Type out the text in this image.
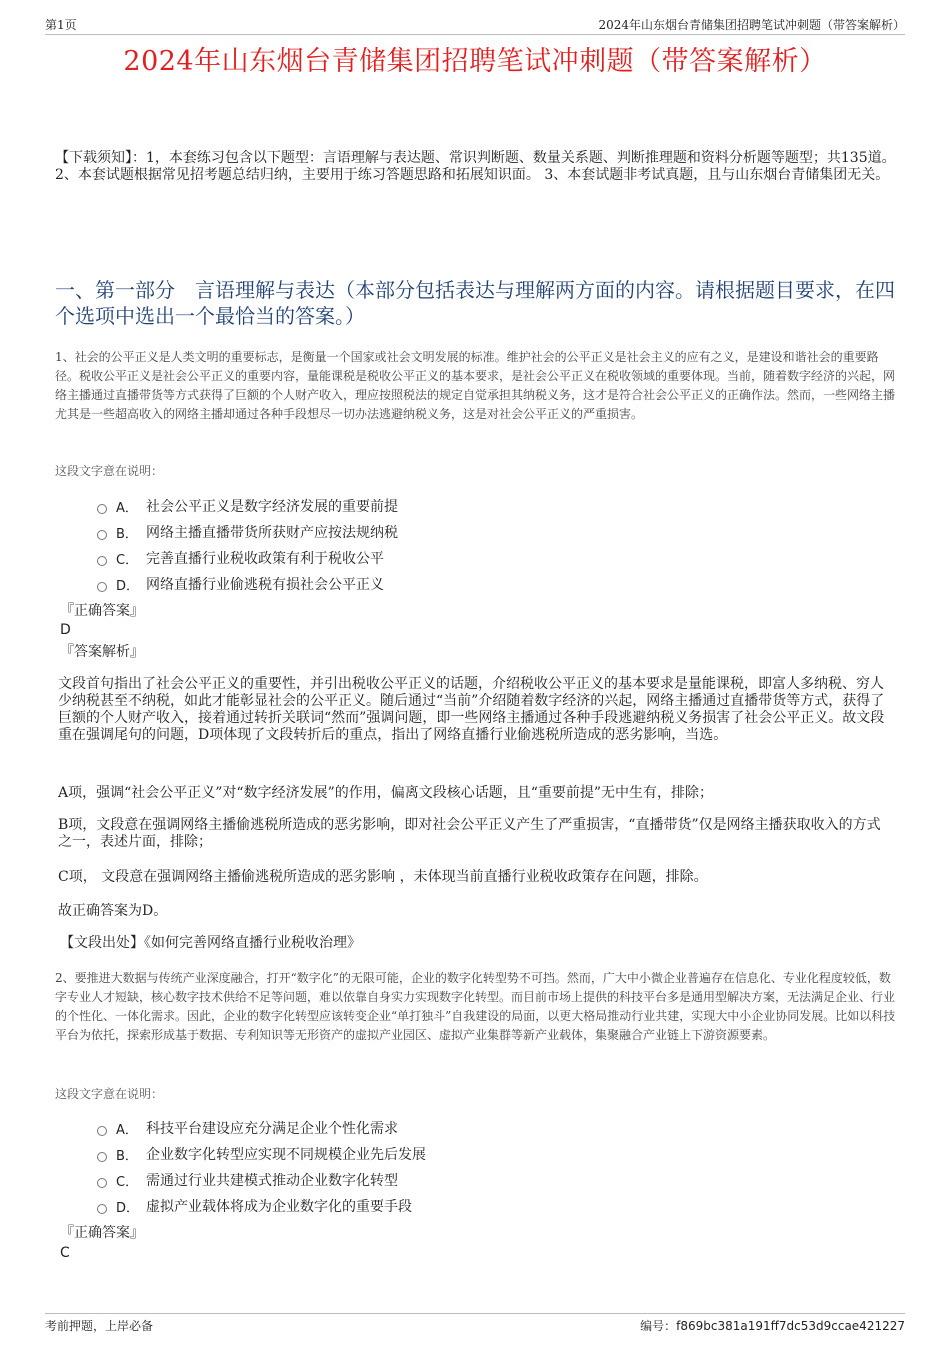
第1页	2024年山东烟台青储集团招聘笔试冲刺题（带答案解析）
2024年山东烟台青储集团招聘笔试冲刺题（带答案解析）
【下载须知】：1，本套练习包含以下题型：言语理解与表达题、常识判断题、数量关系题、判断推理题和资料分析题等题型；共135道。 2、本套试题根据常见招考题总结归纳，主要用于练习答题思路和拓展知识面。 3、本套试题非考试真题，且与山东烟台青储集团无关。
一、第一部分　言语理解与表达（本部分包括表达与理解两方面的内容。请根据题目要求，在四个选项中选出一个最恰当的答案。）
1、社会的公平正义是人类文明的重要标志，是衡量一个国家或社会文明发展的标准。维护社会的公平正义是社会主义的应有之义，是建设和谐社会的重要路径。税收公平正义是社会公平正义的重要内容，量能课税是税收公平正义的基本要求，是社会公平正义在税收领域的重要体现。当前，随着数字经济的兴起，网络主播通过直播带货等方式获得了巨额的个人财产收入，理应按照税法的规定自觉承担其纳税义务，这才是符合社会公平正义的正确作法。然而，一些网络主播尤其是一些超高收入的网络主播却通过各种手段想尽一切办法逃避纳税义务，这是对社会公平正义的严重损害。
这段文字意在说明：
A． 社会公平正义是数字经济发展的重要前提
B． 网络主播直播带货所获财产应按法规纳税
C． 完善直播行业税收政策有利于税收公平
D． 网络直播行业偷逃税有损社会公平正义
『正确答案』
D
『答案解析』
文段首句指出了社会公平正义的重要性，并引出税收公平正义的话题，介绍税收公平正义的基本要求是量能课税，即富人多纳税、穷人少纳税甚至不纳税，如此才能彰显社会的公平正义。随后通过“当前”介绍随着数字经济的兴起，网络主播通过直播带货等方式，获得了巨额的个人财产收入，接着通过转折关联词“然而”强调问题，即一些网络主播通过各种手段逃避纳税义务损害了社会公平正义。故文段重在强调尾句的问题，D项体现了文段转折后的重点，指出了网络直播行业偷逃税所造成的恶劣影响，当选。
A项，强调“社会公平正义”对“数字经济发展”的作用，偏离文段核心话题，且“重要前提”无中生有，排除；
B项，文段意在强调网络主播偷逃税所造成的恶劣影响，即对社会公平正义产生了严重损害，“直播带货”仅是网络主播获取收入的方式之一，表述片面，排除；
C项， 文段意在强调网络主播偷逃税所造成的恶劣影响 ，未体现当前直播行业税收政策存在问题，排除。
故正确答案为D。
【文段出处】《如何完善网络直播行业税收治理》
2、要推进大数据与传统产业深度融合，打开“数字化”的无限可能，企业的数字化转型势不可挡。然而，广大中小微企业普遍存在信息化、专业化程度较低，数字专业人才短缺，核心数字技术供给不足等问题，难以依靠自身实力实现数字化转型。而目前市场上提供的科技平台多是通用型解决方案，无法满足企业、行业的个性化、一体化需求。因此，企业的数字化转型应该转变企业“单打独斗”自我建设的局面，以更大格局推动行业共建，实现大中小企业协同发展。比如以科技平台为依托，探索形成基于数据、专利知识等无形资产的虚拟产业园区、虚拟产业集群等新产业载体，集聚融合产业链上下游资源要素。
这段文字意在说明：
A． 科技平台建设应充分满足企业个性化需求
B． 企业数字化转型应实现不同规模企业先后发展
C． 需通过行业共建模式推动企业数字化转型
D． 虚拟产业载体将成为企业数字化的重要手段
『正确答案』
C
考前押题，上岸必备	编号：f869bc381a191ff7dc53d9ccae421227
